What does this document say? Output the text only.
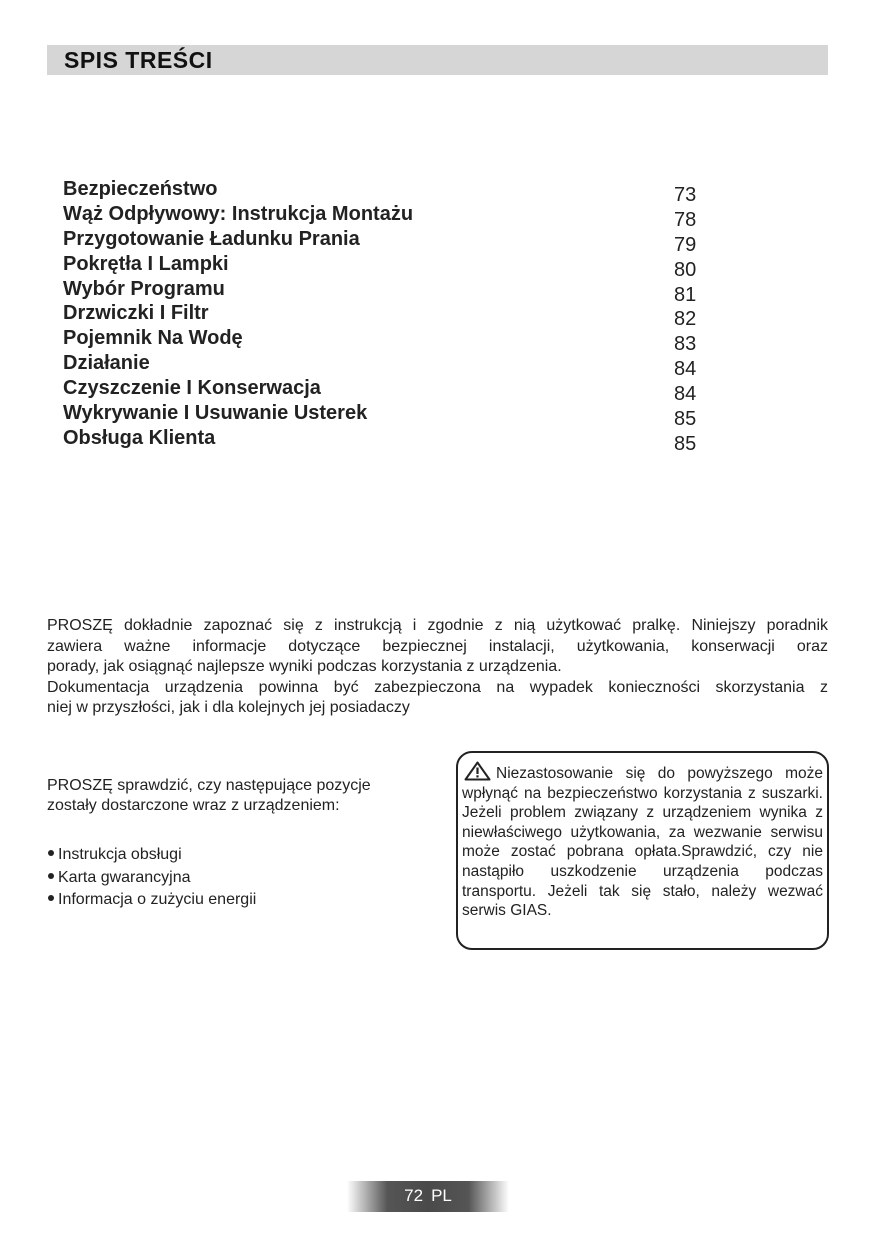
SPIS TREŚCI
Bezpieczeństwo	73
Wąż Odpływowy: Instrukcja Montażu	78
Przygotowanie Ładunku Prania	79
Pokrętła I Lampki	80
Wybór Programu	81
Drzwiczki I Filtr	82
Pojemnik Na Wodę	83
Działanie	84
Czyszczenie I Konserwacja	84
Wykrywanie I Usuwanie Usterek	85
Obsługa Klienta	85

PROSZĘ dokładnie zapoznać się z instrukcją i zgodnie z nią użytkować pralkę. Niniejszy poradnik

zawiera ważne informacje dotyczące bezpiecznej instalacji, użytkowania, konserwacji oraz

porady, jak osiągnąć najlepsze wyniki podczas korzystania z urządzenia.

Dokumentacja urządzenia powinna być zabezpieczona na wypadek konieczności skorzystania z

niej w przyszłości, jak i dla kolejnych jej posiadaczy

PROSZĘ sprawdzić, czy następujące pozycje
zostały dostarczone wraz z urządzeniem:

Instrukcja obsługi
Karta gwarancyjna
Informacja o zużyciu energii

Niezastosowanie się do powyższego może wpłynąć na bezpieczeństwo korzystania z suszarki. Jeżeli problem związany z urządzeniem wynika z niewłaściwego użytkowania, za wezwanie serwisu może zostać pobrana opłata.Sprawdzić, czy nie nastąpiło uszkodzenie urządzenia podczas transportu. Jeżeli tak się stało, należy wezwać serwis GIAS.

72 PL
